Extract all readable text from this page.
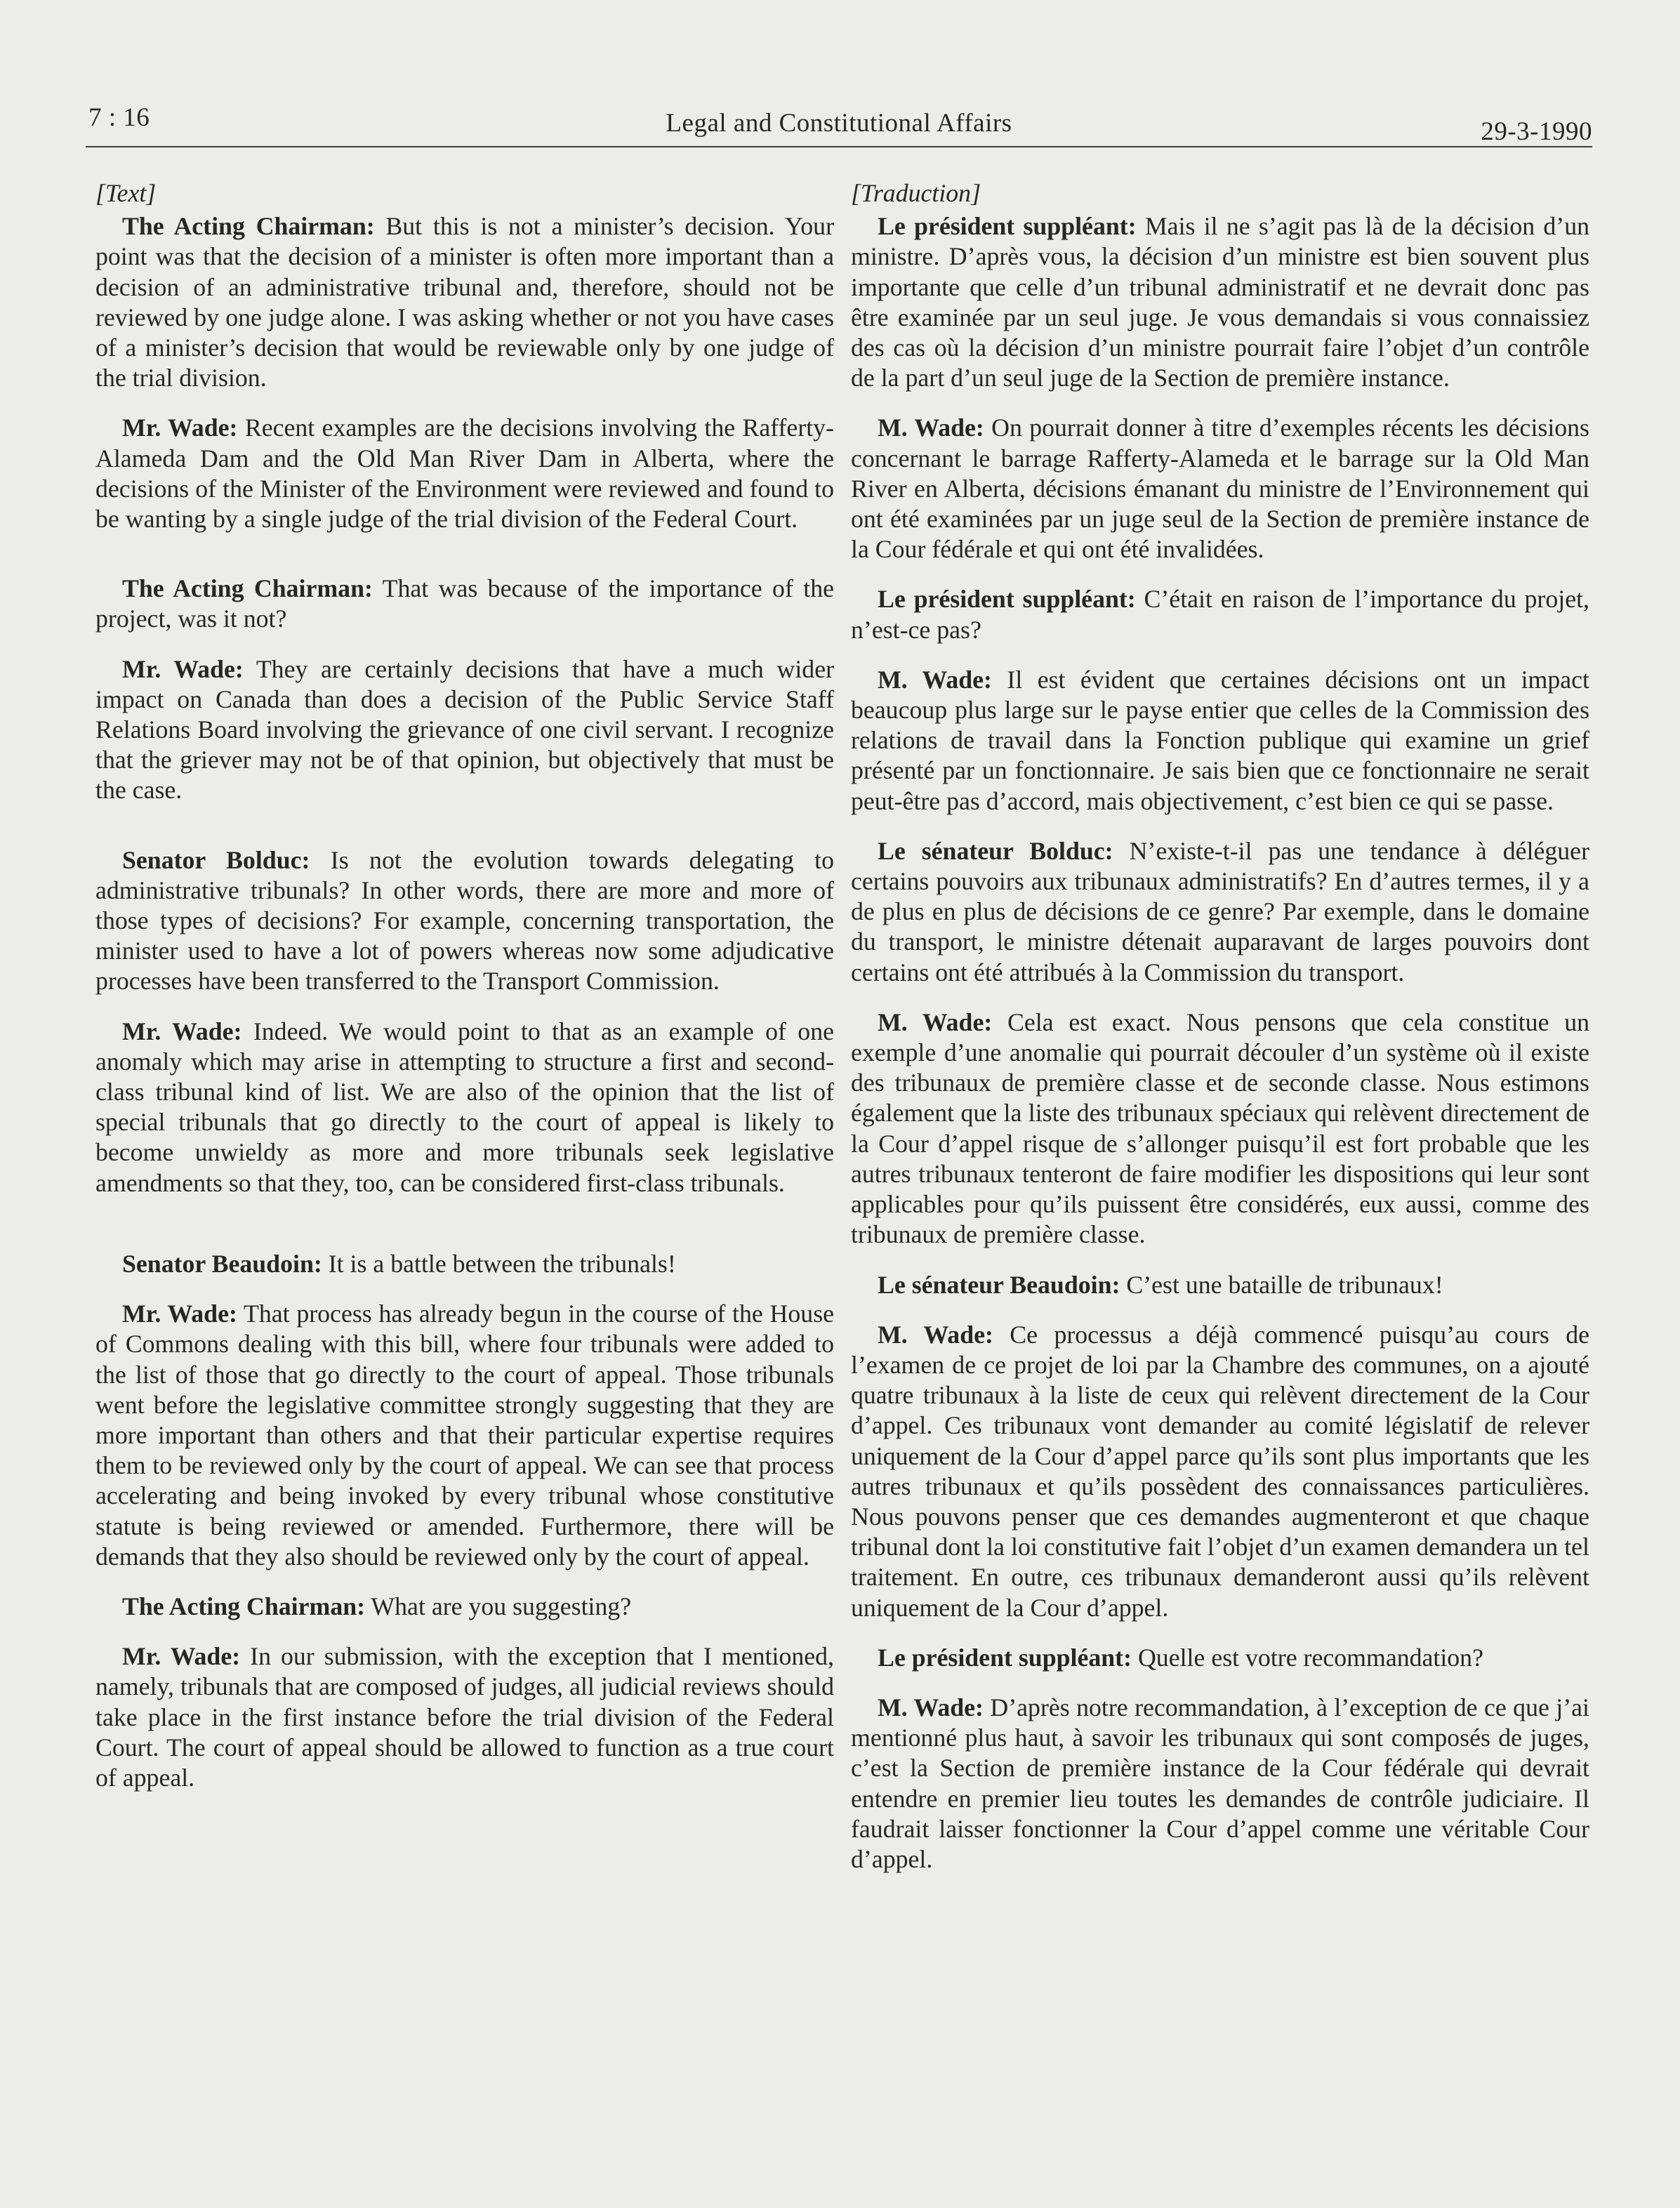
7 : 16	Legal and Constitutional Affairs	29-3-1990

[Text]

The Acting Chairman: But this is not a minister’s decision. Your point was that the decision of a minister is often more important than a decision of an administrative tribunal and, therefore, should not be reviewed by one judge alone. I was asking whether or not you have cases of a minister’s decision that would be reviewable only by one judge of the trial division.

Mr. Wade: Recent examples are the decisions involving the Rafferty-Alameda Dam and the Old Man River Dam in Alberta, where the decisions of the Minister of the Environment were reviewed and found to be wanting by a single judge of the trial division of the Federal Court.

The Acting Chairman: That was because of the importance of the project, was it not?

Mr. Wade: They are certainly decisions that have a much wider impact on Canada than does a decision of the Public Service Staff Relations Board involving the grievance of one civil servant. I recognize that the griever may not be of that opinion, but objectively that must be the case.

Senator Bolduc: Is not the evolution towards delegating to administrative tribunals? In other words, there are more and more of those types of decisions? For example, concerning transportation, the minister used to have a lot of powers whereas now some adjudicative processes have been transferred to the Transport Commission.

Mr. Wade: Indeed. We would point to that as an example of one anomaly which may arise in attempting to structure a first and second-class tribunal kind of list. We are also of the opinion that the list of special tribunals that go directly to the court of appeal is likely to become unwieldy as more and more tribunals seek legislative amendments so that they, too, can be considered first-class tribunals.

Senator Beaudoin: It is a battle between the tribunals!

Mr. Wade: That process has already begun in the course of the House of Commons dealing with this bill, where four tribunals were added to the list of those that go directly to the court of appeal. Those tribunals went before the legislative committee strongly suggesting that they are more important than others and that their particular expertise requires them to be reviewed only by the court of appeal. We can see that process accelerating and being invoked by every tribunal whose constitutive statute is being reviewed or amended. Furthermore, there will be demands that they also should be reviewed only by the court of appeal.

The Acting Chairman: What are you suggesting?

Mr. Wade: In our submission, with the exception that I mentioned, namely, tribunals that are composed of judges, all judicial reviews should take place in the first instance before the trial division of the Federal Court. The court of appeal should be allowed to function as a true court of appeal.

[Traduction]

Le président suppléant: Mais il ne s’agit pas là de la décision d’un ministre. D’après vous, la décision d’un ministre est bien souvent plus importante que celle d’un tribunal administratif et ne devrait donc pas être examinée par un seul juge. Je vous demandais si vous connaissiez des cas où la décision d’un ministre pourrait faire l’objet d’un contrôle de la part d’un seul juge de la Section de première instance.

M. Wade: On pourrait donner à titre d’exemples récents les décisions concernant le barrage Rafferty-Alameda et le barrage sur la Old Man River en Alberta, décisions émanant du ministre de l’Environnement qui ont été examinées par un juge seul de la Section de première instance de la Cour fédérale et qui ont été invalidées.

Le président suppléant: C’était en raison de l’importance du projet, n’est-ce pas?

M. Wade: Il est évident que certaines décisions ont un impact beaucoup plus large sur le payse entier que celles de la Commission des relations de travail dans la Fonction publique qui examine un grief présenté par un fonctionnaire. Je sais bien que ce fonctionnaire ne serait peut-être pas d’accord, mais objectivement, c’est bien ce qui se passe.

Le sénateur Bolduc: N’existe-t-il pas une tendance à déléguer certains pouvoirs aux tribunaux administratifs? En d’autres termes, il y a de plus en plus de décisions de ce genre? Par exemple, dans le domaine du transport, le ministre détenait auparavant de larges pouvoirs dont certains ont été attribués à la Commission du transport.

M. Wade: Cela est exact. Nous pensons que cela constitue un exemple d’une anomalie qui pourrait découler d’un système où il existe des tribunaux de première classe et de seconde classe. Nous estimons également que la liste des tribunaux spéciaux qui relèvent directement de la Cour d’appel risque de s’allonger puisqu’il est fort probable que les autres tribunaux tenteront de faire modifier les dispositions qui leur sont applicables pour qu’ils puissent être considérés, eux aussi, comme des tribunaux de première classe.

Le sénateur Beaudoin: C’est une bataille de tribunaux!

M. Wade: Ce processus a déjà commencé puisqu’au cours de l’examen de ce projet de loi par la Chambre des communes, on a ajouté quatre tribunaux à la liste de ceux qui relèvent directement de la Cour d’appel. Ces tribunaux vont demander au comité législatif de relever uniquement de la Cour d’appel parce qu’ils sont plus importants que les autres tribunaux et qu’ils possèdent des connaissances particulières. Nous pouvons penser que ces demandes augmenteront et que chaque tribunal dont la loi constitutive fait l’objet d’un examen demandera un tel traitement. En outre, ces tribunaux demanderont aussi qu’ils relèvent uniquement de la Cour d’appel.

Le président suppléant: Quelle est votre recommandation?

M. Wade: D’après notre recommandation, à l’exception de ce que j’ai mentionné plus haut, à savoir les tribunaux qui sont composés de juges, c’est la Section de première instance de la Cour fédérale qui devrait entendre en premier lieu toutes les demandes de contrôle judiciaire. Il faudrait laisser fonctionner la Cour d’appel comme une véritable Cour d’appel.
